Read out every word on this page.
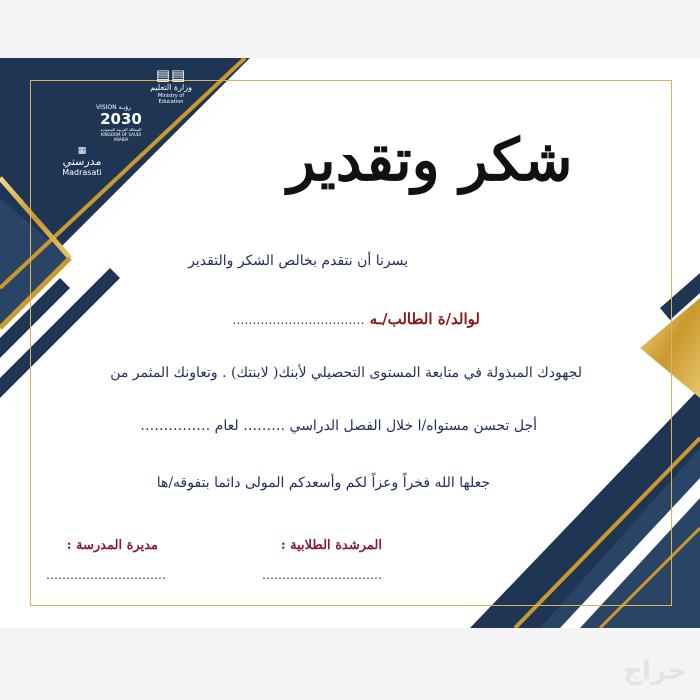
▤▤
وزارة التعليم
Ministry of Education
VISION رؤيـة
2030
المملكة العربية السعودية
KINGDOM OF SAUDI ARABIA
▦
مدرستي
Madrasati	شكر وتقدير
يسرنا أن نتقدم بخالص الشكر والتقدير
لوالد/ة الطالب/ـه ……………………………
لجهودك المبذولة في متابعة المستوى التحصيلي لأبنك( لابنتك) . وتعاونك المثمر من
أجل تحسن مستواه/ا خلال الفصل الدراسي ……… لعام ……………
جعلها الله فخراً وعزاً لكم وأسعدكم المولى دائما بتفوقه/ها
المرشدة الطلابية :
مديرة المدرسة :
…………………………
…………………………
حراج
